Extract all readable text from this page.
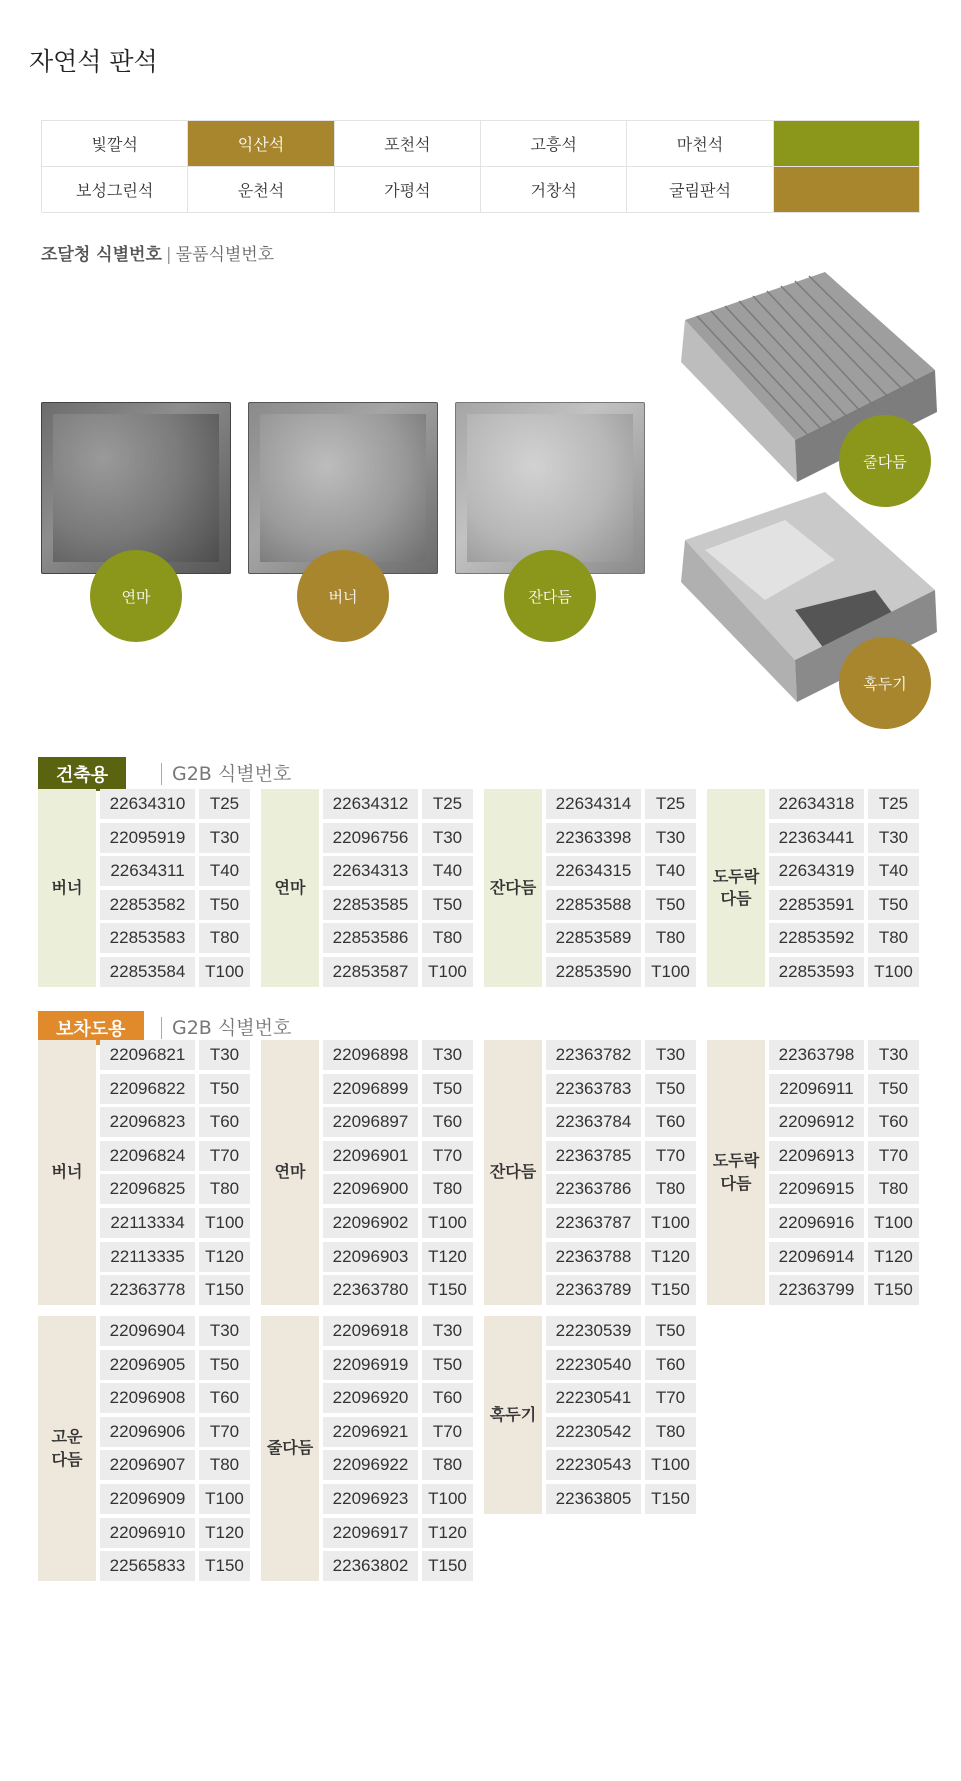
자연석 판석
빛깔석	익산석	포천석	고흥석	마천석
보성그린석	운천석	가평석	거창석	굴림판석
조달청 식별번호 | 물품식별번호
연마	버너	잔다듬
줄다듬
혹두기
건축용	G2B 식별번호
버너
22634310	T25
22095919	T30
22634311	T40
22853582	T50
22853583	T80
22853584	T100
연마
22634312	T25
22096756	T30
22634313	T40
22853585	T50
22853586	T80
22853587	T100
잔다듬
22634314	T25
22363398	T30
22634315	T40
22853588	T50
22853589	T80
22853590	T100
도두락
다듬
22634318	T25
22363441	T30
22634319	T40
22853591	T50
22853592	T80
22853593	T100
보차도용	G2B 식별번호
버너
22096821	T30
22096822	T50
22096823	T60
22096824	T70
22096825	T80
22113334	T100
22113335	T120
22363778	T150
연마
22096898	T30
22096899	T50
22096897	T60
22096901	T70
22096900	T80
22096902	T100
22096903	T120
22363780	T150
잔다듬
22363782	T30
22363783	T50
22363784	T60
22363785	T70
22363786	T80
22363787	T100
22363788	T120
22363789	T150
도두락
다듬
22363798	T30
22096911	T50
22096912	T60
22096913	T70
22096915	T80
22096916	T100
22096914	T120
22363799	T150
고운
다듬
22096904	T30
22096905	T50
22096908	T60
22096906	T70
22096907	T80
22096909	T100
22096910	T120
22565833	T150
줄다듬
22096918	T30
22096919	T50
22096920	T60
22096921	T70
22096922	T80
22096923	T100
22096917	T120
22363802	T150
혹두기
22230539	T50
22230540	T60
22230541	T70
22230542	T80
22230543	T100
22363805	T150
